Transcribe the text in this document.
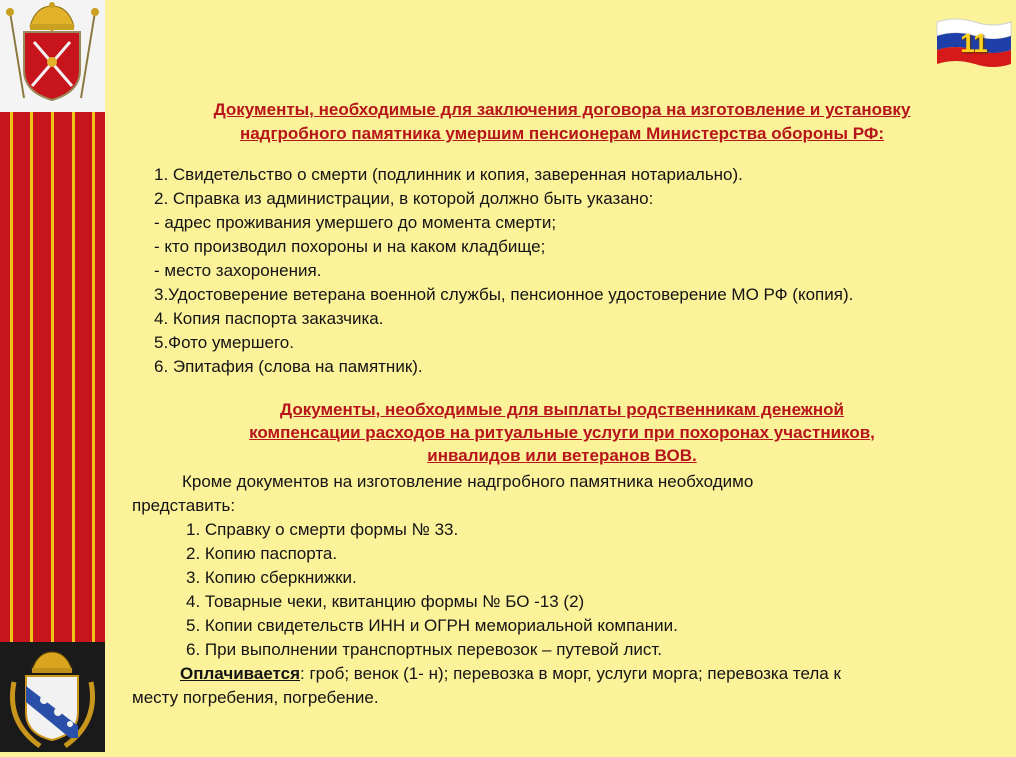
11
Документы, необходимые для заключения договора на изготовление и установку
надгробного памятника умершим пенсионерам Министерства обороны РФ:
1. Свидетельство о смерти (подлинник и копия, заверенная нотариально).
2. Справка из администрации, в которой должно быть указано:
- адрес проживания умершего до момента смерти;
- кто производил похороны и на каком кладбище;
- место захоронения.
3.Удостоверение ветерана военной службы, пенсионное удостоверение МО РФ (копия).
4. Копия паспорта заказчика.
5.Фото умершего.
6. Эпитафия (слова на памятник).
Документы, необходимые для выплаты родственникам денежной
компенсации расходов на ритуальные услуги при похоронах участников,
инвалидов или ветеранов ВОВ.
Кроме документов на изготовление надгробного памятника необходимо
представить:
1. Справку о смерти формы № 33.
2. Копию паспорта.
3. Копию сберкнижки.
4. Товарные чеки, квитанцию формы № БО -13 (2)
5. Копии свидетельств ИНН и ОГРН мемориальной компании.
6. При выполнении транспортных перевозок – путевой лист.
Оплачивается: гроб; венок (1- н); перевозка в морг, услуги морга; перевозка тела к
месту погребения, погребение.
